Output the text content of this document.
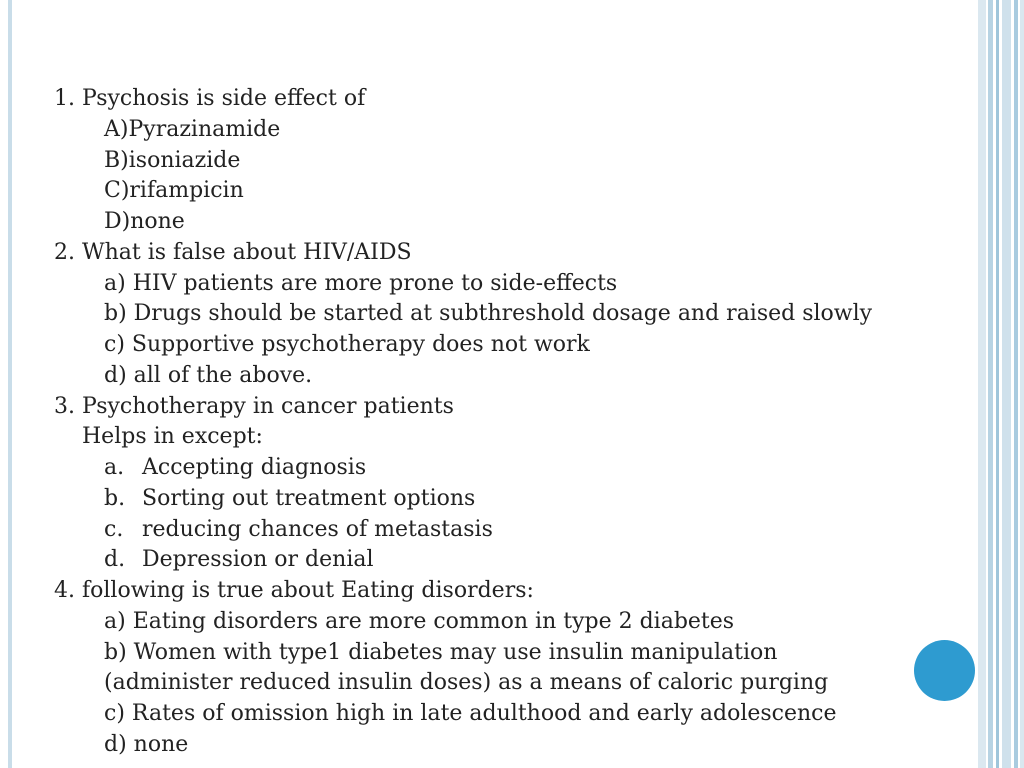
1. Psychosis is side effect of
A)Pyrazinamide
B)isoniazide
C)rifampicin
D)none
2. What is false about HIV/AIDS
a) HIV patients are more prone to side-effects
b) Drugs should be started at subthreshold dosage and raised slowly
c) Supportive psychotherapy does not work
d) all of the above.
3. Psychotherapy in cancer patients
Helps in except:
a. Accepting diagnosis
b. Sorting out treatment options
c. reducing chances of metastasis
d. Depression or denial
4. following is true about Eating disorders:
a) Eating disorders are more common in type 2 diabetes
b) Women with type1 diabetes may use insulin manipulation
(administer reduced insulin doses) as a means of caloric purging
c) Rates of omission high in late adulthood and early adolescence
d) none
